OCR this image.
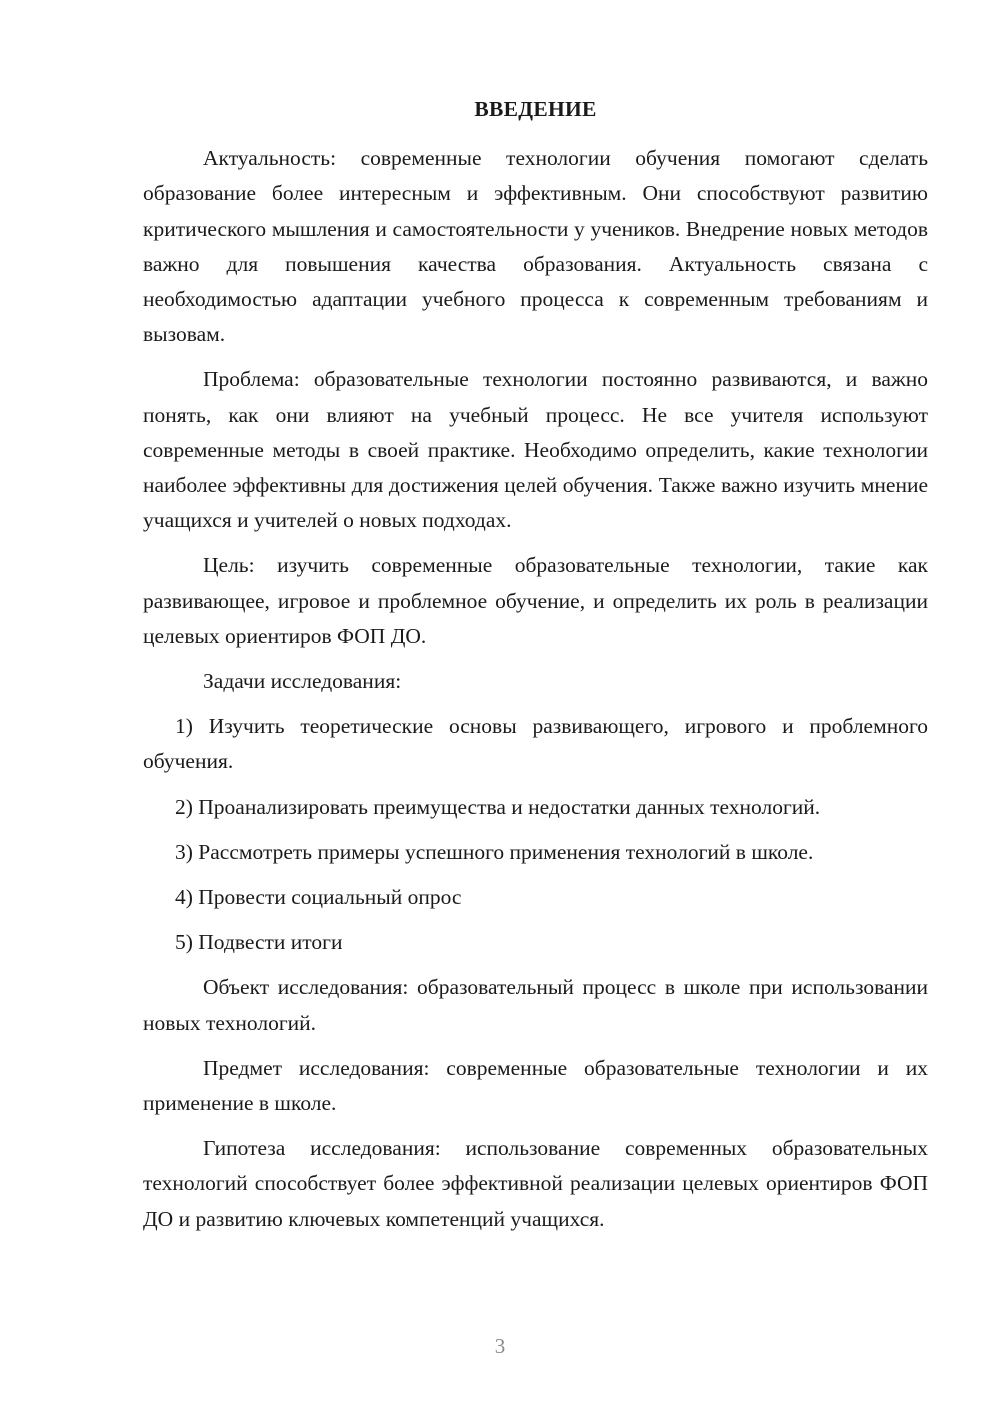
ВВЕДЕНИЕ

Актуальность: современные технологии обучения помогают сделать образование более интересным и эффективным. Они способствуют развитию критического мышления и самостоятельности у учеников. Внедрение новых методов важно для повышения качества образования. Актуальность связана с необходимостью адаптации учебного процесса к современным требованиям и вызовам.

Проблема: образовательные технологии постоянно развиваются, и важно понять, как они влияют на учебный процесс. Не все учителя используют современные методы в своей практике. Необходимо определить, какие технологии наиболее эффективны для достижения целей обучения. Также важно изучить мнение учащихся и учителей о новых подходах.

Цель: изучить современные образовательные технологии, такие как развивающее, игровое и проблемное обучение, и определить их роль в реализации целевых ориентиров ФОП ДО.

Задачи исследования:

1) Изучить теоретические основы развивающего, игрового и проблемного обучения.

2) Проанализировать преимущества и недостатки данных технологий.

3) Рассмотреть примеры успешного применения технологий в школе.

4) Провести социальный опрос

5) Подвести итоги

Объект исследования: образовательный процесс в школе при использовании новых технологий.

Предмет исследования: современные образовательные технологии и их применение в школе.

Гипотеза исследования: использование современных образовательных технологий способствует более эффективной реализации целевых ориентиров ФОП ДО и развитию ключевых компетенций учащихся.

3
